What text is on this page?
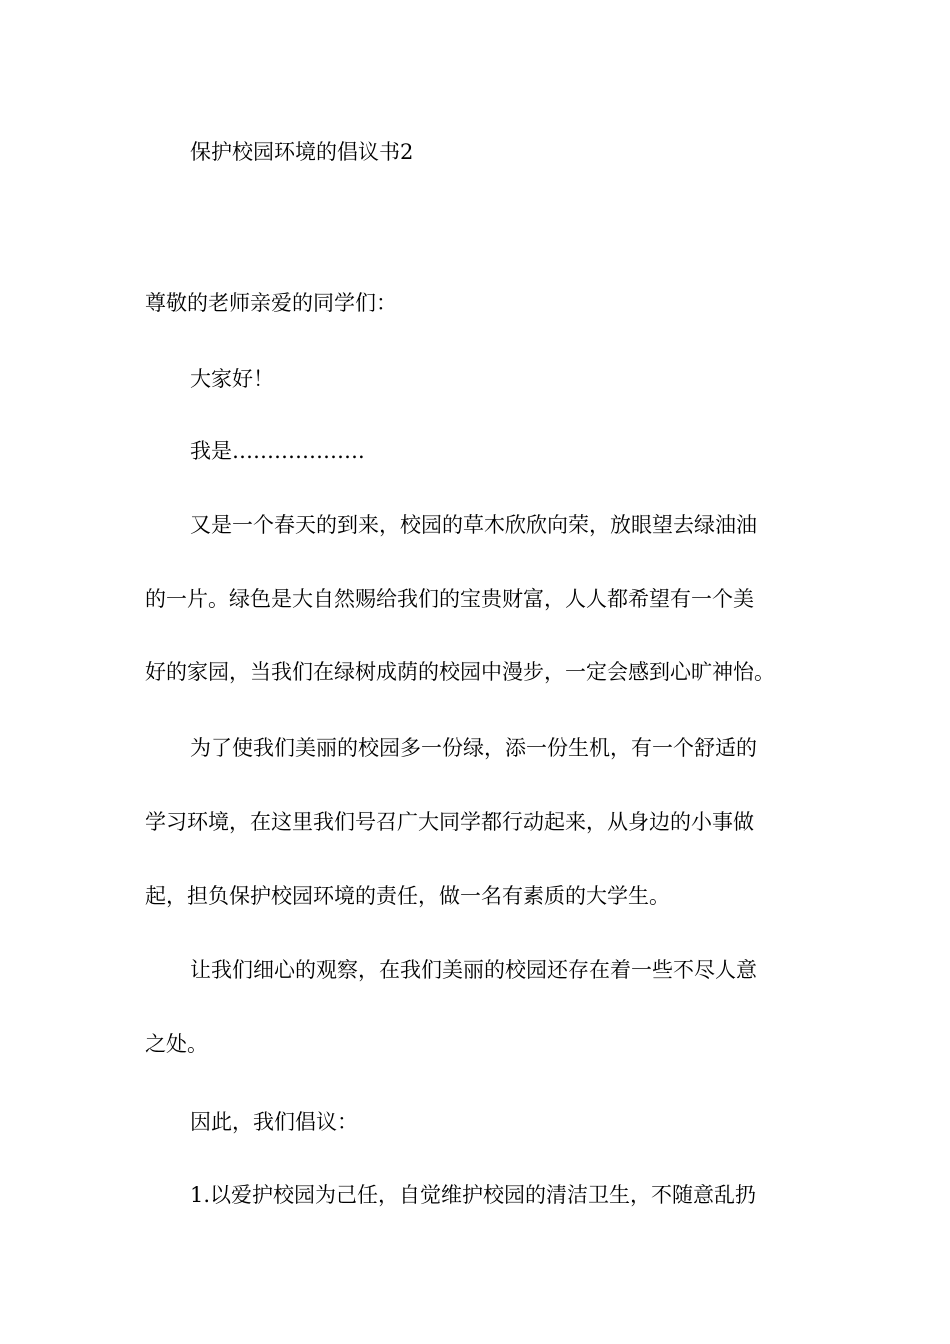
保护校园环境的倡议书2
尊敬的老师亲爱的同学们：
大家好！
我是……………….
又是一个春天的到来，校园的草木欣欣向荣，放眼望去绿油油
的一片。绿色是大自然赐给我们的宝贵财富，人人都希望有一个美
好的家园，当我们在绿树成荫的校园中漫步，一定会感到心旷神怡。
为了使我们美丽的校园多一份绿，添一份生机，有一个舒适的
学习环境，在这里我们号召广大同学都行动起来，从身边的小事做
起，担负保护校园环境的责任，做一名有素质的大学生。
让我们细心的观察，在我们美丽的校园还存在着一些不尽人意
之处。
因此，我们倡议：
1.以爱护校园为己任，自觉维护校园的清洁卫生，不随意乱扔
